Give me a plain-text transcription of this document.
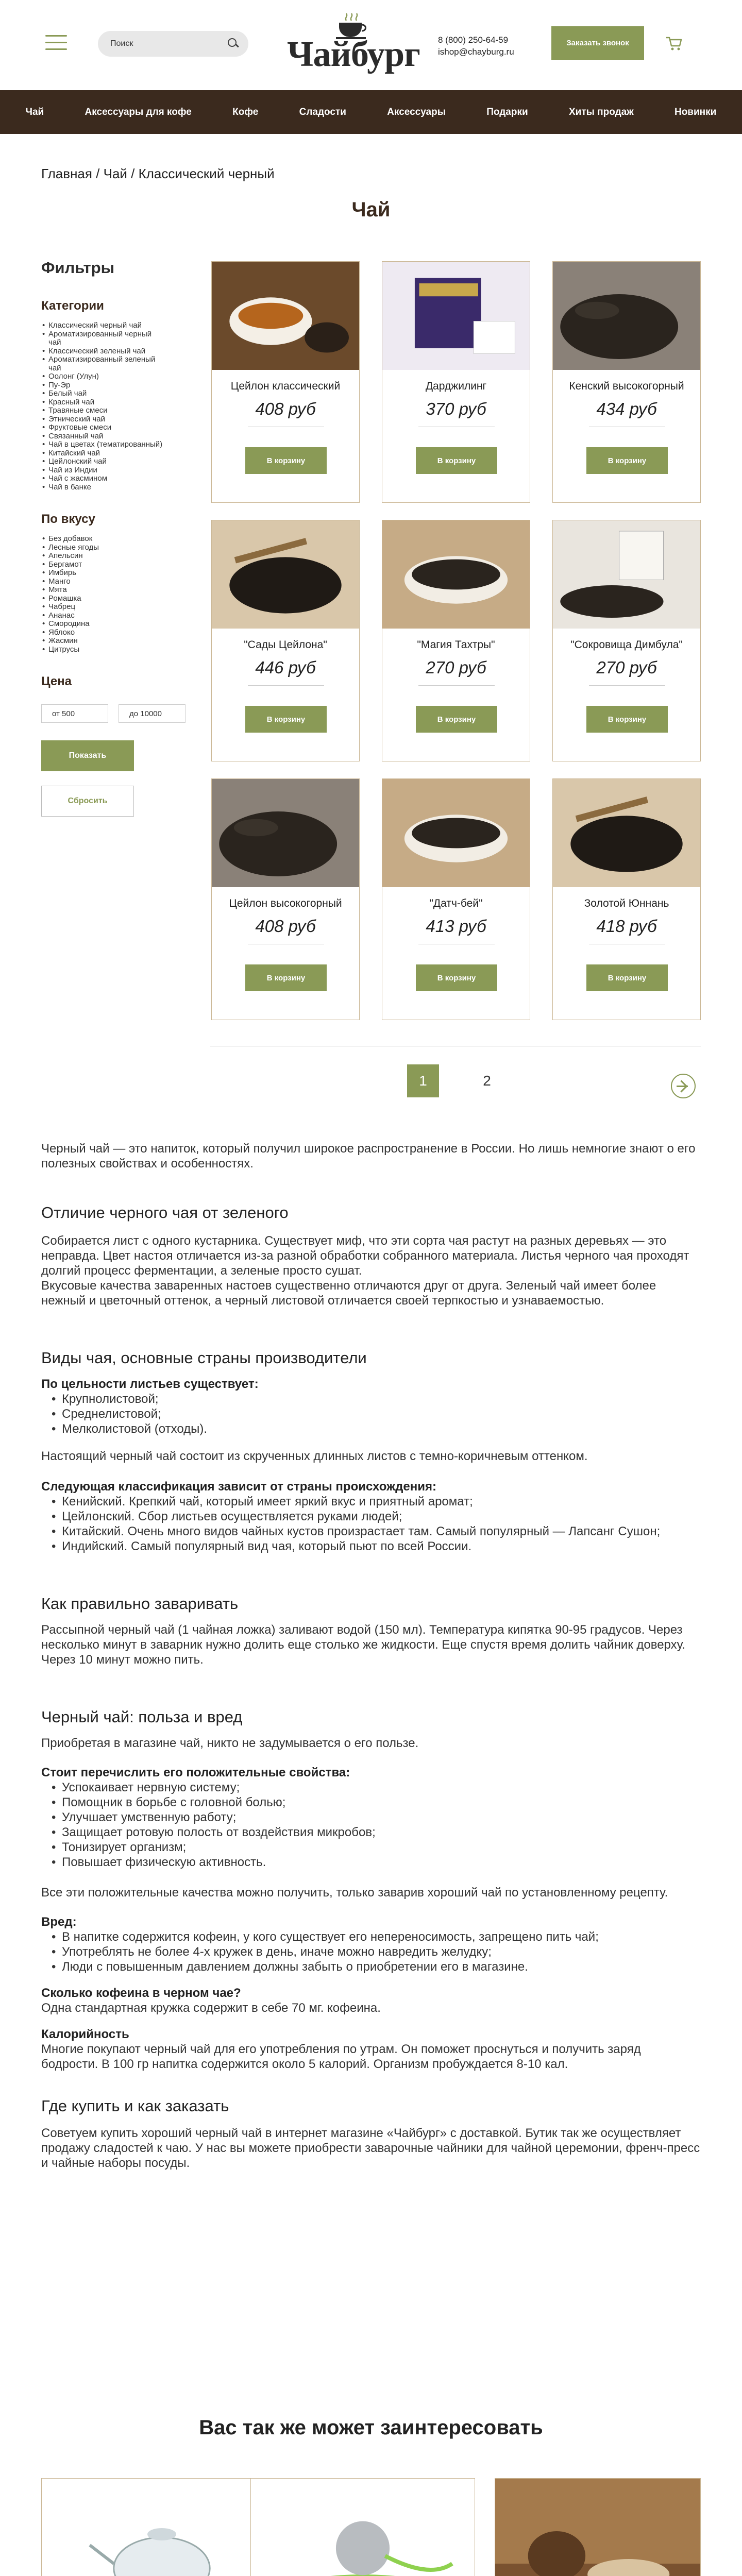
Поиск
Чайбург	8 (800) 250-64-59
ishop@chayburg.ru
Заказать звонок
Чай	Аксессуары для кофе	Кофе	Сладости	Аксессуары	Подарки	Хиты продаж	Новинки
Главная / Чай / Классический черный
Чай
Фильтры
Категории
• Классический черный чай
• Ароматизированный черный чай
• Классический зеленый чай
• Ароматизированный зеленый чай
• Оолонг (Улун)
• Пу-Эр
• Белый чай
• Красный чай
• Травяные смеси
• Этнический чай
• Фруктовые смеси
• Связанный чай
• Чай в цветах (тематированный)
• Китайский чай
• Цейлонский чай
• Чай из Индии
• Чай с жасмином
• Чай в банке
По вкусу
• Без добавок
• Лесные ягоды
• Апельсин
• Бергамот
• Имбирь
• Манго
• Мята
• Ромашка
• Чабрец
• Ананас
• Смородина
• Яблоко
• Жасмин
• Цитрусы
Цена
от 500
до 10000
Показать
Сбросить
Цейлон классический
408 руб
В корзину
Дарджилинг
370 руб
В корзину
Кенский высокогорный
434 руб
В корзину
"Сады Цейлона"
446 руб
В корзину
"Магия Тахтры"
270 руб
В корзину
"Сокровища Димбула"
270 руб
В корзину
Цейлон высокогорный
408 руб
В корзину
"Датч-бей"
413 руб
В корзину
Золотой Юннань
418 руб
В корзину
1	2

Черный чай — это напиток, который получил широкое распространение в России. Но лишь немногие знают о его полезных свойствах и особенностях.

Отличие черного чая от зеленого

Собирается лист с одного кустарника. Существует миф, что эти сорта чая растут на разных деревьях — это неправда. Цвет настоя отличается из-за разной обработки собранного материала. Листья черного чая проходят долгий процесс ферментации, а зеленые просто сушат.

Вкусовые качества заваренных настоев существенно отличаются друг от друга. Зеленый чай имеет более нежный и цветочный оттенок, а черный листовой отличается своей терпкостью и узнаваемостью.

Виды чая, основные страны производители
По цельности листьев существует:
• Крупнолистовой;
• Среднелистовой;
• Мелколистовой (отходы).

Настоящий черный чай состоит из скрученных длинных листов с темно-коричневым оттенком.

Следующая классификация зависит от страны происхождения:
• Кенийский. Крепкий чай, который имеет яркий вкус и приятный аромат;
• Цейлонский. Сбор листьев осуществляется руками людей;
• Китайский. Очень много видов чайных кустов произрастает там. Самый популярный — Лапсанг Сушон;
• Индийский. Самый популярный вид чая, который пьют по всей России.
Как правильно заваривать

Рассыпной черный чай (1 чайная ложка) заливают водой (150 мл). Температура кипятка 90-95 градусов. Через несколько минут в заварник нужно долить еще столько же жидкости. Еще спустя время долить чайник доверху. Через 10 минут можно пить.

Черный чай: польза и вред

Приобретая в магазине чай, никто не задумывается о его пользе.

Стоит перечислить его положительные свойства:
• Успокаивает нервную систему;
• Помощник в борьбе с головной болью;
• Улучшает умственную работу;
• Защищает ротовую полость от воздействия микробов;
• Тонизирует организм;
• Повышает физическую активность.

Все эти положительные качества можно получить, только заварив хороший чай по установленному рецепту.

Вред:
• В напитке содержится кофеин, у кого существует его непереносимость, запрещено пить чай;
• Употреблять не более 4-х кружек в день, иначе можно навредить желудку;
• Люди с повышенным давлением должны забыть о приобретении его в магазине.
Сколько кофеина в черном чае?

Одна стандартная кружка содержит в себе 70 мг. кофеина.

Калорийность

Многие покупают черный чай для его употребления по утрам. Он поможет проснуться и получить заряд бодрости. В 100 гр напитка содержится около 5 калорий. Организм пробуждается 8-10 кал.

Где купить и как заказать

Советуем купить хороший черный чай в интернет магазине «Чайбург» с доставкой. Бутик так же осуществляет продажу сладостей к чаю. У нас вы можете приобрести заварочные чайники для чайной церемонии, френч-пресс и чайные наборы посуды.

Вас так же может заинтересовать
